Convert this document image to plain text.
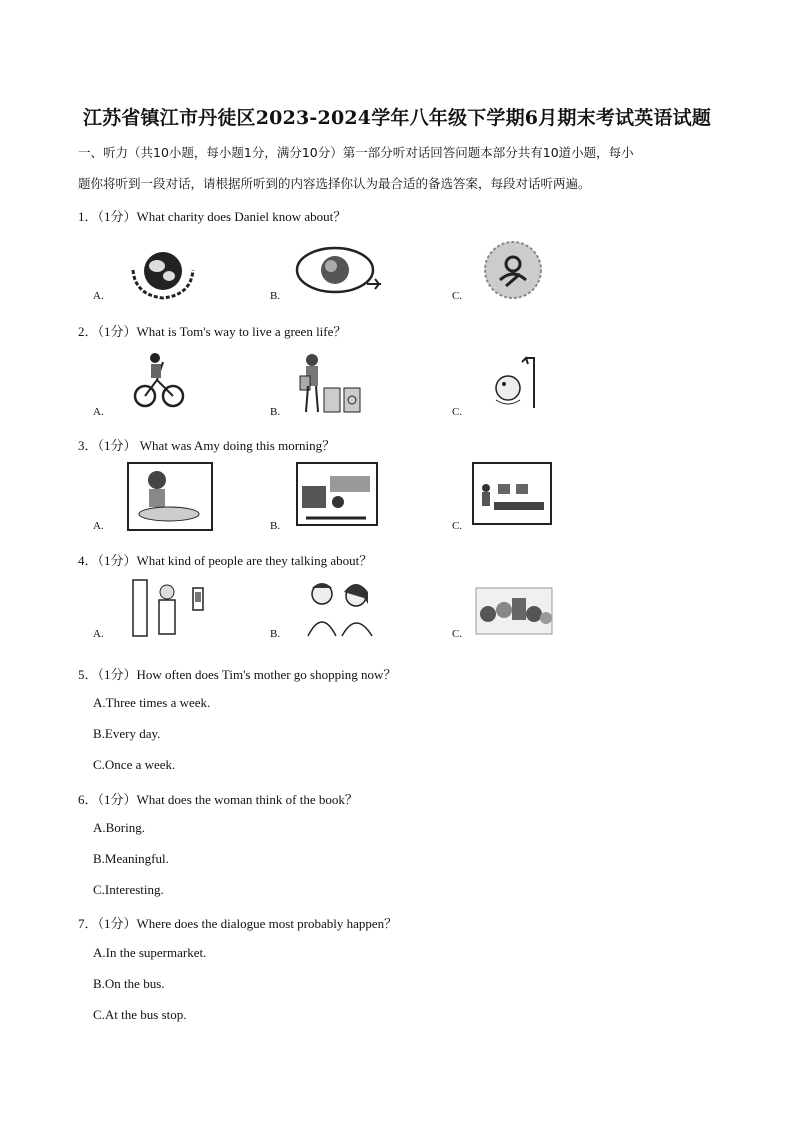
江苏省镇江市丹徒区2023-2024学年八年级下学期6月期末考试英语试题
一、听力（共10小题，每小题1分，满分10分）第一部分听对话回答问题本部分共有10道小题，每小
题你将听到一段对话，请根据所听到的内容选择你认为最合适的备选答案，每段对话听两遍。
1．（1分）What charity does Daniel know about？
A.	B.	C.
2．（1分）What is Tom's way to live a green life？
A.	B.	C.
3．（1分） What was Amy doing this morning？
A.	B.	C.
4．（1分）What kind of people are they talking about？
A.	B.	C.
5．（1分）How often does Tim's mother go shopping now？
A.Three times a week.
B.Every day.
C.Once a week.
6．（1分）What does the woman think of the book？
A.Boring.
B.Meaningful.
C.Interesting.
7．（1分）Where does the dialogue most probably happen？
A.In the supermarket.
B.On the bus.
C.At the bus stop.
